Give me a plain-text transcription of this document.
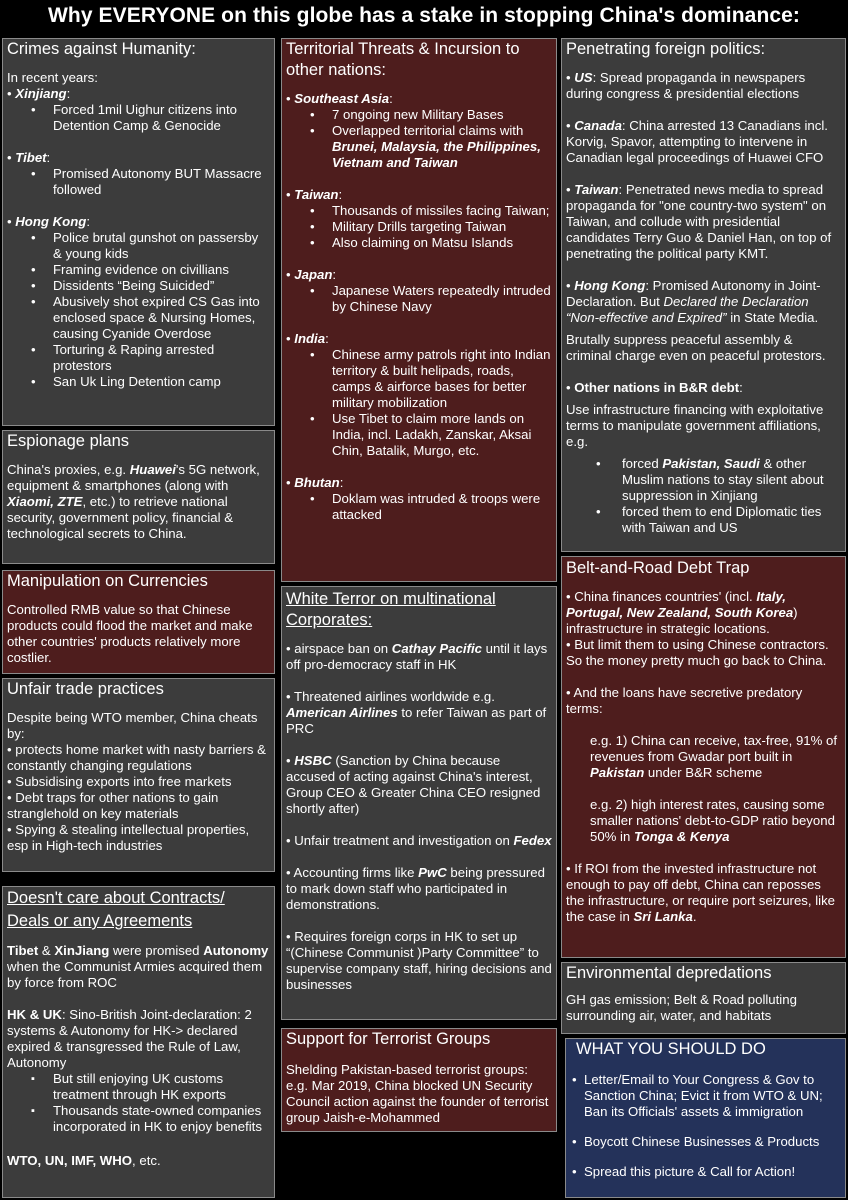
Why EVERYONE on this globe has a stake in stopping China's dominance:
Crimes against Humanity:

In recent years:

• Xinjiang:

• Forced 1mil Uighur citizens into Detention Camp & Genocide

• Tibet:

• Promised Autonomy BUT Massacre followed

• Hong Kong:

• Police brutal gunshot on passersby & young kids
• Framing evidence on civillians
• Dissidents “Being Suicided”
• Abusively shot expired CS Gas into enclosed space & Nursing Homes, causing Cyanide Overdose
• Torturing & Raping arrested protestors
• San Uk Ling Detention camp
Espionage plans

China's proxies, e.g. Huawei's 5G network, equipment & smartphones (along with Xiaomi, ZTE, etc.) to retrieve national security, government policy, financial & technological secrets to China.

Manipulation on Currencies

Controlled RMB value so that Chinese products could flood the market and make other countries' products relatively more costlier.

Unfair trade practices

Despite being WTO member, China cheats by:

• protects home market with nasty barriers & constantly changing regulations

• Subsidising exports into free markets

• Debt traps for other nations to gain stranglehold on key materials

• Spying & stealing intellectual properties, esp in High-tech industries

Doesn't care about Contracts/ Deals or any Agreements

Tibet & XinJiang were promised Autonomy when the Communist Armies acquired them by force from ROC

HK & UK: Sino-British Joint-declaration: 2 systems & Autonomy for HK-> declared expired & transgressed the Rule of Law, Autonomy

▪ But still enjoying UK customs treatment through HK exports
▪ Thousands state-owned companies incorporated in HK to enjoy benefits

WTO, UN, IMF, WHO, etc.

Territorial Threats & Incursion to other nations:

• Southeast Asia:

• 7 ongoing new Military Bases
• Overlapped territorial claims with Brunei, Malaysia, the Philippines, Vietnam and Taiwan

• Taiwan:

• Thousands of missiles facing Taiwan;
• Military Drills targeting Taiwan
• Also claiming on Matsu Islands

• Japan:

• Japanese Waters repeatedly intruded by Chinese Navy

• India:

• Chinese army patrols right into Indian territory & built helipads, roads, camps & airforce bases for better military mobilization
• Use Tibet to claim more lands on India, incl. Ladakh, Zanskar, Aksai Chin, Batalik, Murgo, etc.

• Bhutan:

• Doklam was intruded & troops were attacked
White Terror on multinational Corporates:

• airspace ban on Cathay Pacific until it lays off pro-democracy staff in HK

• Threatened airlines worldwide e.g. American Airlines to refer Taiwan as part of PRC

• HSBC (Sanction by China because accused of acting against China's interest, Group CEO & Greater China CEO resigned shortly after)

• Unfair treatment and investigation on Fedex

• Accounting firms like PwC being pressured to mark down staff who participated in demonstrations.

• Requires foreign corps in HK to set up “(Chinese Communist )Party Committee” to supervise company staff, hiring decisions and businesses

Support for Terrorist Groups

Shelding Pakistan-based terrorist groups: e.g. Mar 2019, China blocked UN Security Council action against the founder of terrorist group Jaish-e-Mohammed

Penetrating foreign politics:

• US: Spread propaganda in newspapers during congress & presidential elections

• Canada: China arrested 13 Canadians incl. Korvig, Spavor, attempting to intervene in Canadian legal proceedings of Huawei CFO

• Taiwan: Penetrated news media to spread propaganda for "one country-two system" on Taiwan, and collude with presidential candidates Terry Guo & Daniel Han, on top of penetrating the political party KMT.

• Hong Kong: Promised Autonomy in Joint-Declaration. But Declared the Declaration “Non-effective and Expired” in State Media.

Brutally suppress peaceful assembly & criminal charge even on peaceful protestors.

• Other nations in B&R debt:

Use infrastructure financing with exploitative terms to manipulate government affiliations, e.g.

• forced Pakistan, Saudi & other Muslim nations to stay silent about suppression in Xinjiang
• forced them to end Diplomatic ties with Taiwan and US
Belt-and-Road Debt Trap

• China finances countries' (incl. Italy, Portugal, New Zealand, South Korea) infrastructure in strategic locations.

• But limit them to using Chinese contractors. So the money pretty much go back to China.

• And the loans have secretive predatory terms:

e.g. 1) China can receive, tax-free, 91% of revenues from Gwadar port built in Pakistan under B&R scheme

e.g. 2) high interest rates, causing some smaller nations' debt-to-GDP ratio beyond 50% in Tonga & Kenya

• If ROI from the invested infrastructure not enough to pay off debt, China can reposses the infrastructure, or require port seizures, like the case in Sri Lanka.

Environmental depredations

GH gas emission; Belt & Road polluting surrounding air, water, and habitats

WHAT YOU SHOULD DO
• Letter/Email to Your Congress & Gov to Sanction China; Evict it from WTO & UN; Ban its Officials' assets & immigration
• Boycott Chinese Businesses & Products
• Spread this picture & Call for Action!
